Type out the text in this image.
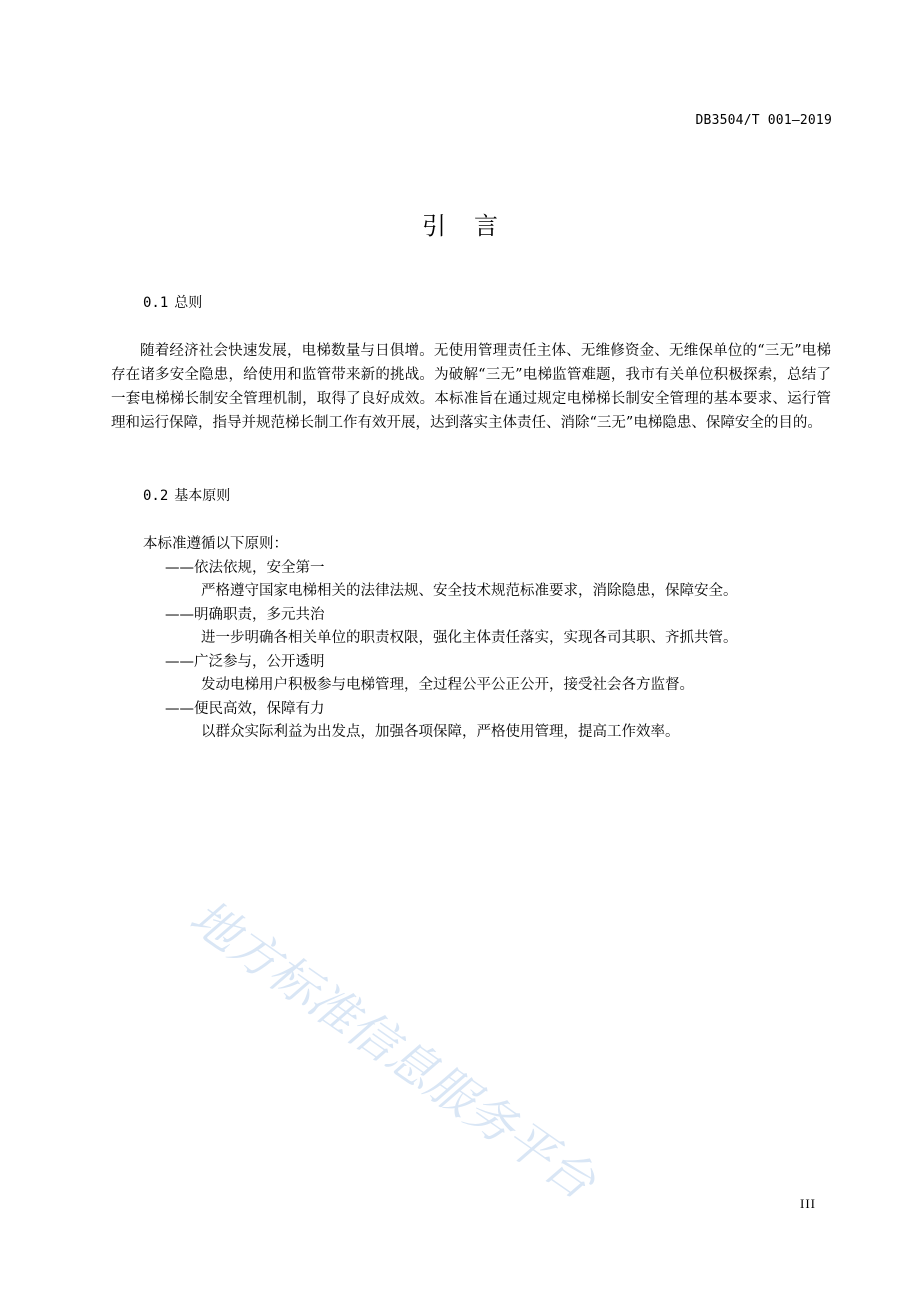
DB3504/T 001—2019
引言
0.1 总则

随着经济社会快速发展，电梯数量与日俱增。无使用管理责任主体、无维修资金、无维保单位的“三无”电梯存在诸多安全隐患，给使用和监管带来新的挑战。为破解“三无”电梯监管难题，我市有关单位积极探索，总结了一套电梯梯长制安全管理机制，取得了良好成效。本标准旨在通过规定电梯梯长制安全管理的基本要求、运行管理和运行保障，指导并规范梯长制工作有效开展，达到落实主体责任、消除“三无”电梯隐患、保障安全的目的。

0.2 基本原则

本标准遵循以下原则：

——依法依规，安全第一

严格遵守国家电梯相关的法律法规、安全技术规范标准要求，消除隐患，保障安全。

——明确职责，多元共治

进一步明确各相关单位的职责权限，强化主体责任落实，实现各司其职、齐抓共管。

——广泛参与，公开透明

发动电梯用户积极参与电梯管理，全过程公平公正公开，接受社会各方监督。

——便民高效，保障有力

以群众实际利益为出发点，加强各项保障，严格使用管理，提高工作效率。

地方标准信息服务平台	III
